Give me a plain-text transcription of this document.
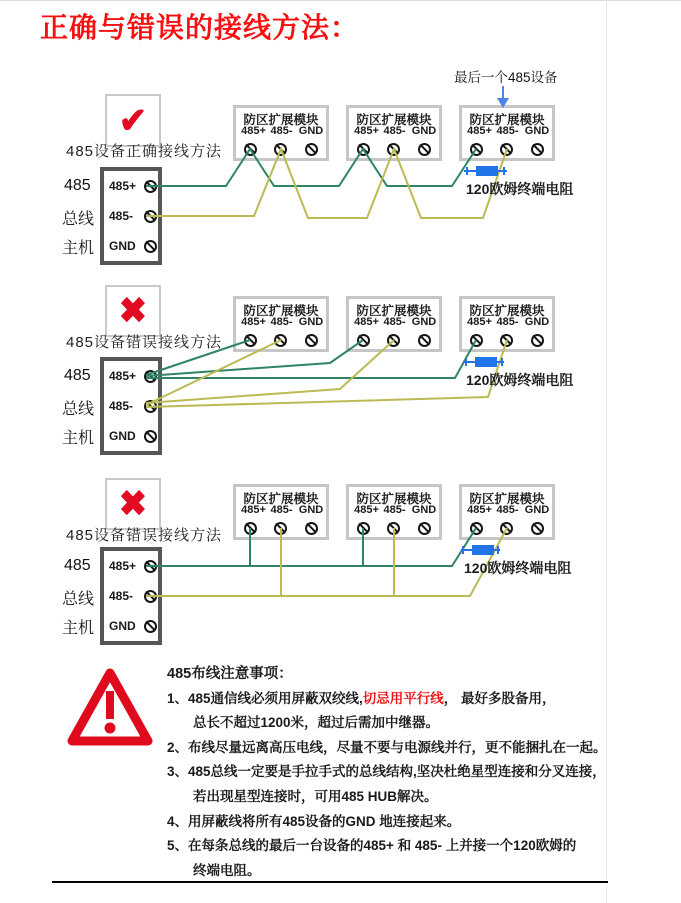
正确与错误的接线方法：
✔
485设备正确接线方法
最后一个485设备
485
总线
主机
485+
485-
GND
防区扩展模块
485+ 485- GND
防区扩展模块
485+ 485- GND
防区扩展模块
485+ 485- GND
120欧姆终端电阻
✖
485设备错误接线方法
485
总线
主机
485+
485-
GND
防区扩展模块
485+ 485- GND
防区扩展模块
485+ 485- GND
防区扩展模块
485+ 485- GND
120欧姆终端电阻
✖
485设备错误接线方法
485
总线
主机
485+
485-
GND
防区扩展模块
485+ 485- GND
防区扩展模块
485+ 485- GND
防区扩展模块
485+ 485- GND
120欧姆终端电阻
485布线注意事项：
1、485通信线必须用屏蔽双绞线,切忌用平行线， 最好多股备用，
总长不超过1200米，超过后需加中继器。
2、布线尽量远离高压电线，尽量不要与电源线并行，更不能捆扎在一起。
3、485总线一定要是手拉手式的总线结构,坚决杜绝星型连接和分叉连接，
若出现星型连接时，可用485 HUB解决。
4、用屏蔽线将所有485设备的GND 地连接起来。
5、在每条总线的最后一台设备的485+ 和 485- 上并接一个120欧姆的
终端电阻。
